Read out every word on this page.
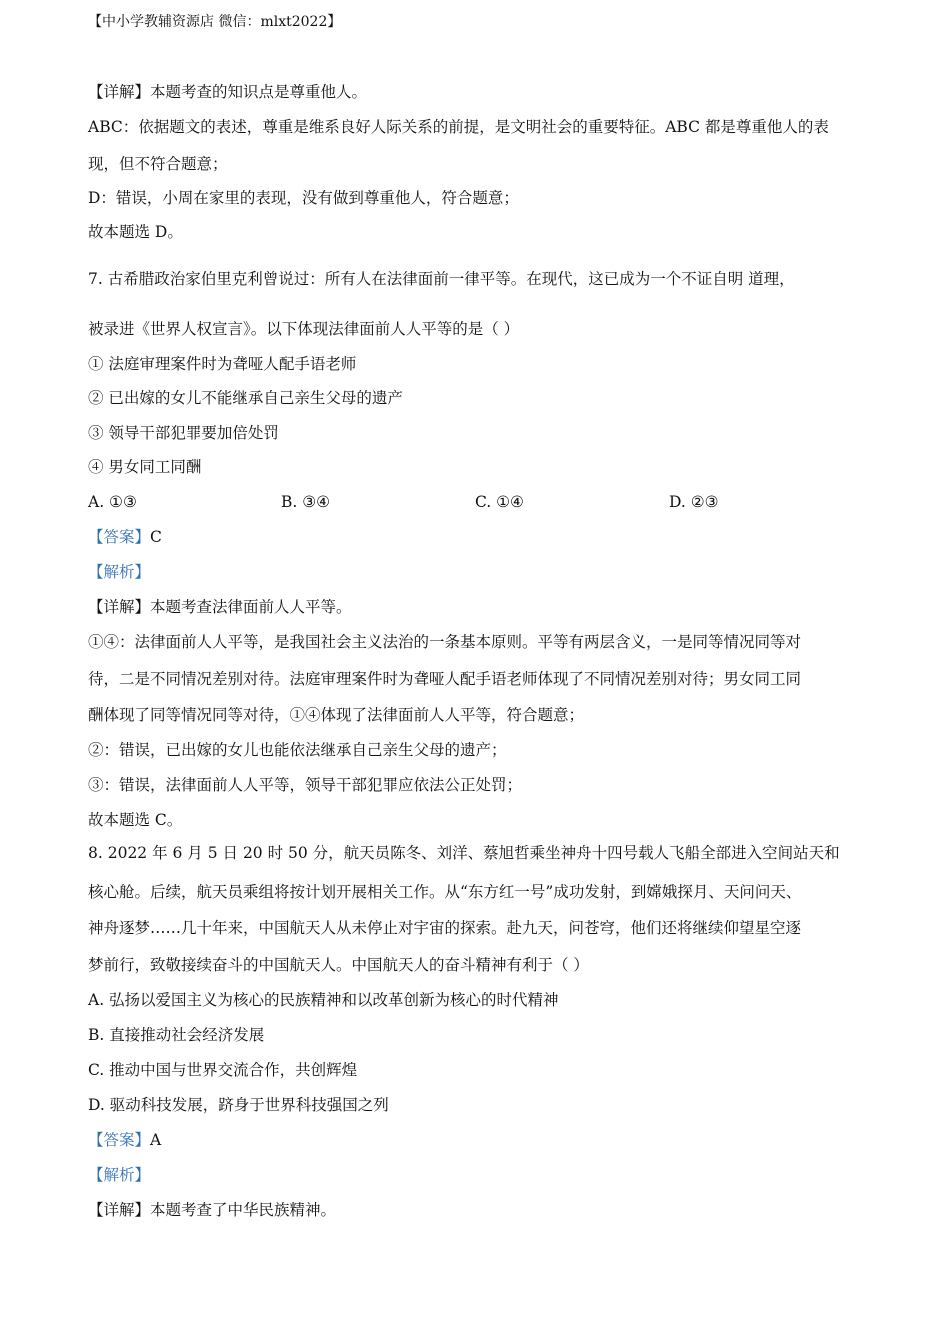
【中小学教辅资源店 微信：mlxt2022】
【详解】本题考查的知识点是尊重他人。
ABC：依据题文的表述，尊重是维系良好人际关系的前提，是文明社会的重要特征。ABC 都是尊重他人的表
现，但不符合题意；
D：错误，小周在家里的表现，没有做到尊重他人，符合题意；
故本题选 D。
7. 古希腊政治家伯里克利曾说过：所有人在法律面前一律平等。在现代，这已成为一个不证自明 道理，
被录进《世界人权宣言》。以下体现法律面前人人平等的是（ ）
① 法庭审理案件时为聋哑人配手语老师
② 已出嫁的女儿不能继承自己亲生父母的遗产
③ 领导干部犯罪要加倍处罚
④ 男女同工同酬
A. ①③	B. ③④	C. ①④	D. ②③
【答案】C
【解析】
【详解】本题考查法律面前人人平等。
①④：法律面前人人平等，是我国社会主义法治的一条基本原则。平等有两层含义，一是同等情况同等对
待，二是不同情况差别对待。法庭审理案件时为聋哑人配手语老师体现了不同情况差别对待；男女同工同
酬体现了同等情况同等对待，①④体现了法律面前人人平等，符合题意；
②：错误，已出嫁的女儿也能依法继承自己亲生父母的遗产；
③：错误，法律面前人人平等，领导干部犯罪应依法公正处罚；
故本题选 C。
8. 2022 年 6 月 5 日 20 时 50 分，航天员陈冬、刘洋、蔡旭哲乘坐神舟十四号载人飞船全部进入空间站天和
核心舱。后续，航天员乘组将按计划开展相关工作。从“东方红一号”成功发射，到嫦娥探月、天问问天、
神舟逐梦……几十年来，中国航天人从未停止对宇宙的探索。赴九天，问苍穹，他们还将继续仰望星空逐
梦前行，致敬接续奋斗的中国航天人。中国航天人的奋斗精神有利于（ ）
A. 弘扬以爱国主义为核心的民族精神和以改革创新为核心的时代精神
B. 直接推动社会经济发展
C. 推动中国与世界交流合作，共创辉煌
D. 驱动科技发展，跻身于世界科技强国之列
【答案】A
【解析】
【详解】本题考查了中华民族精神。
